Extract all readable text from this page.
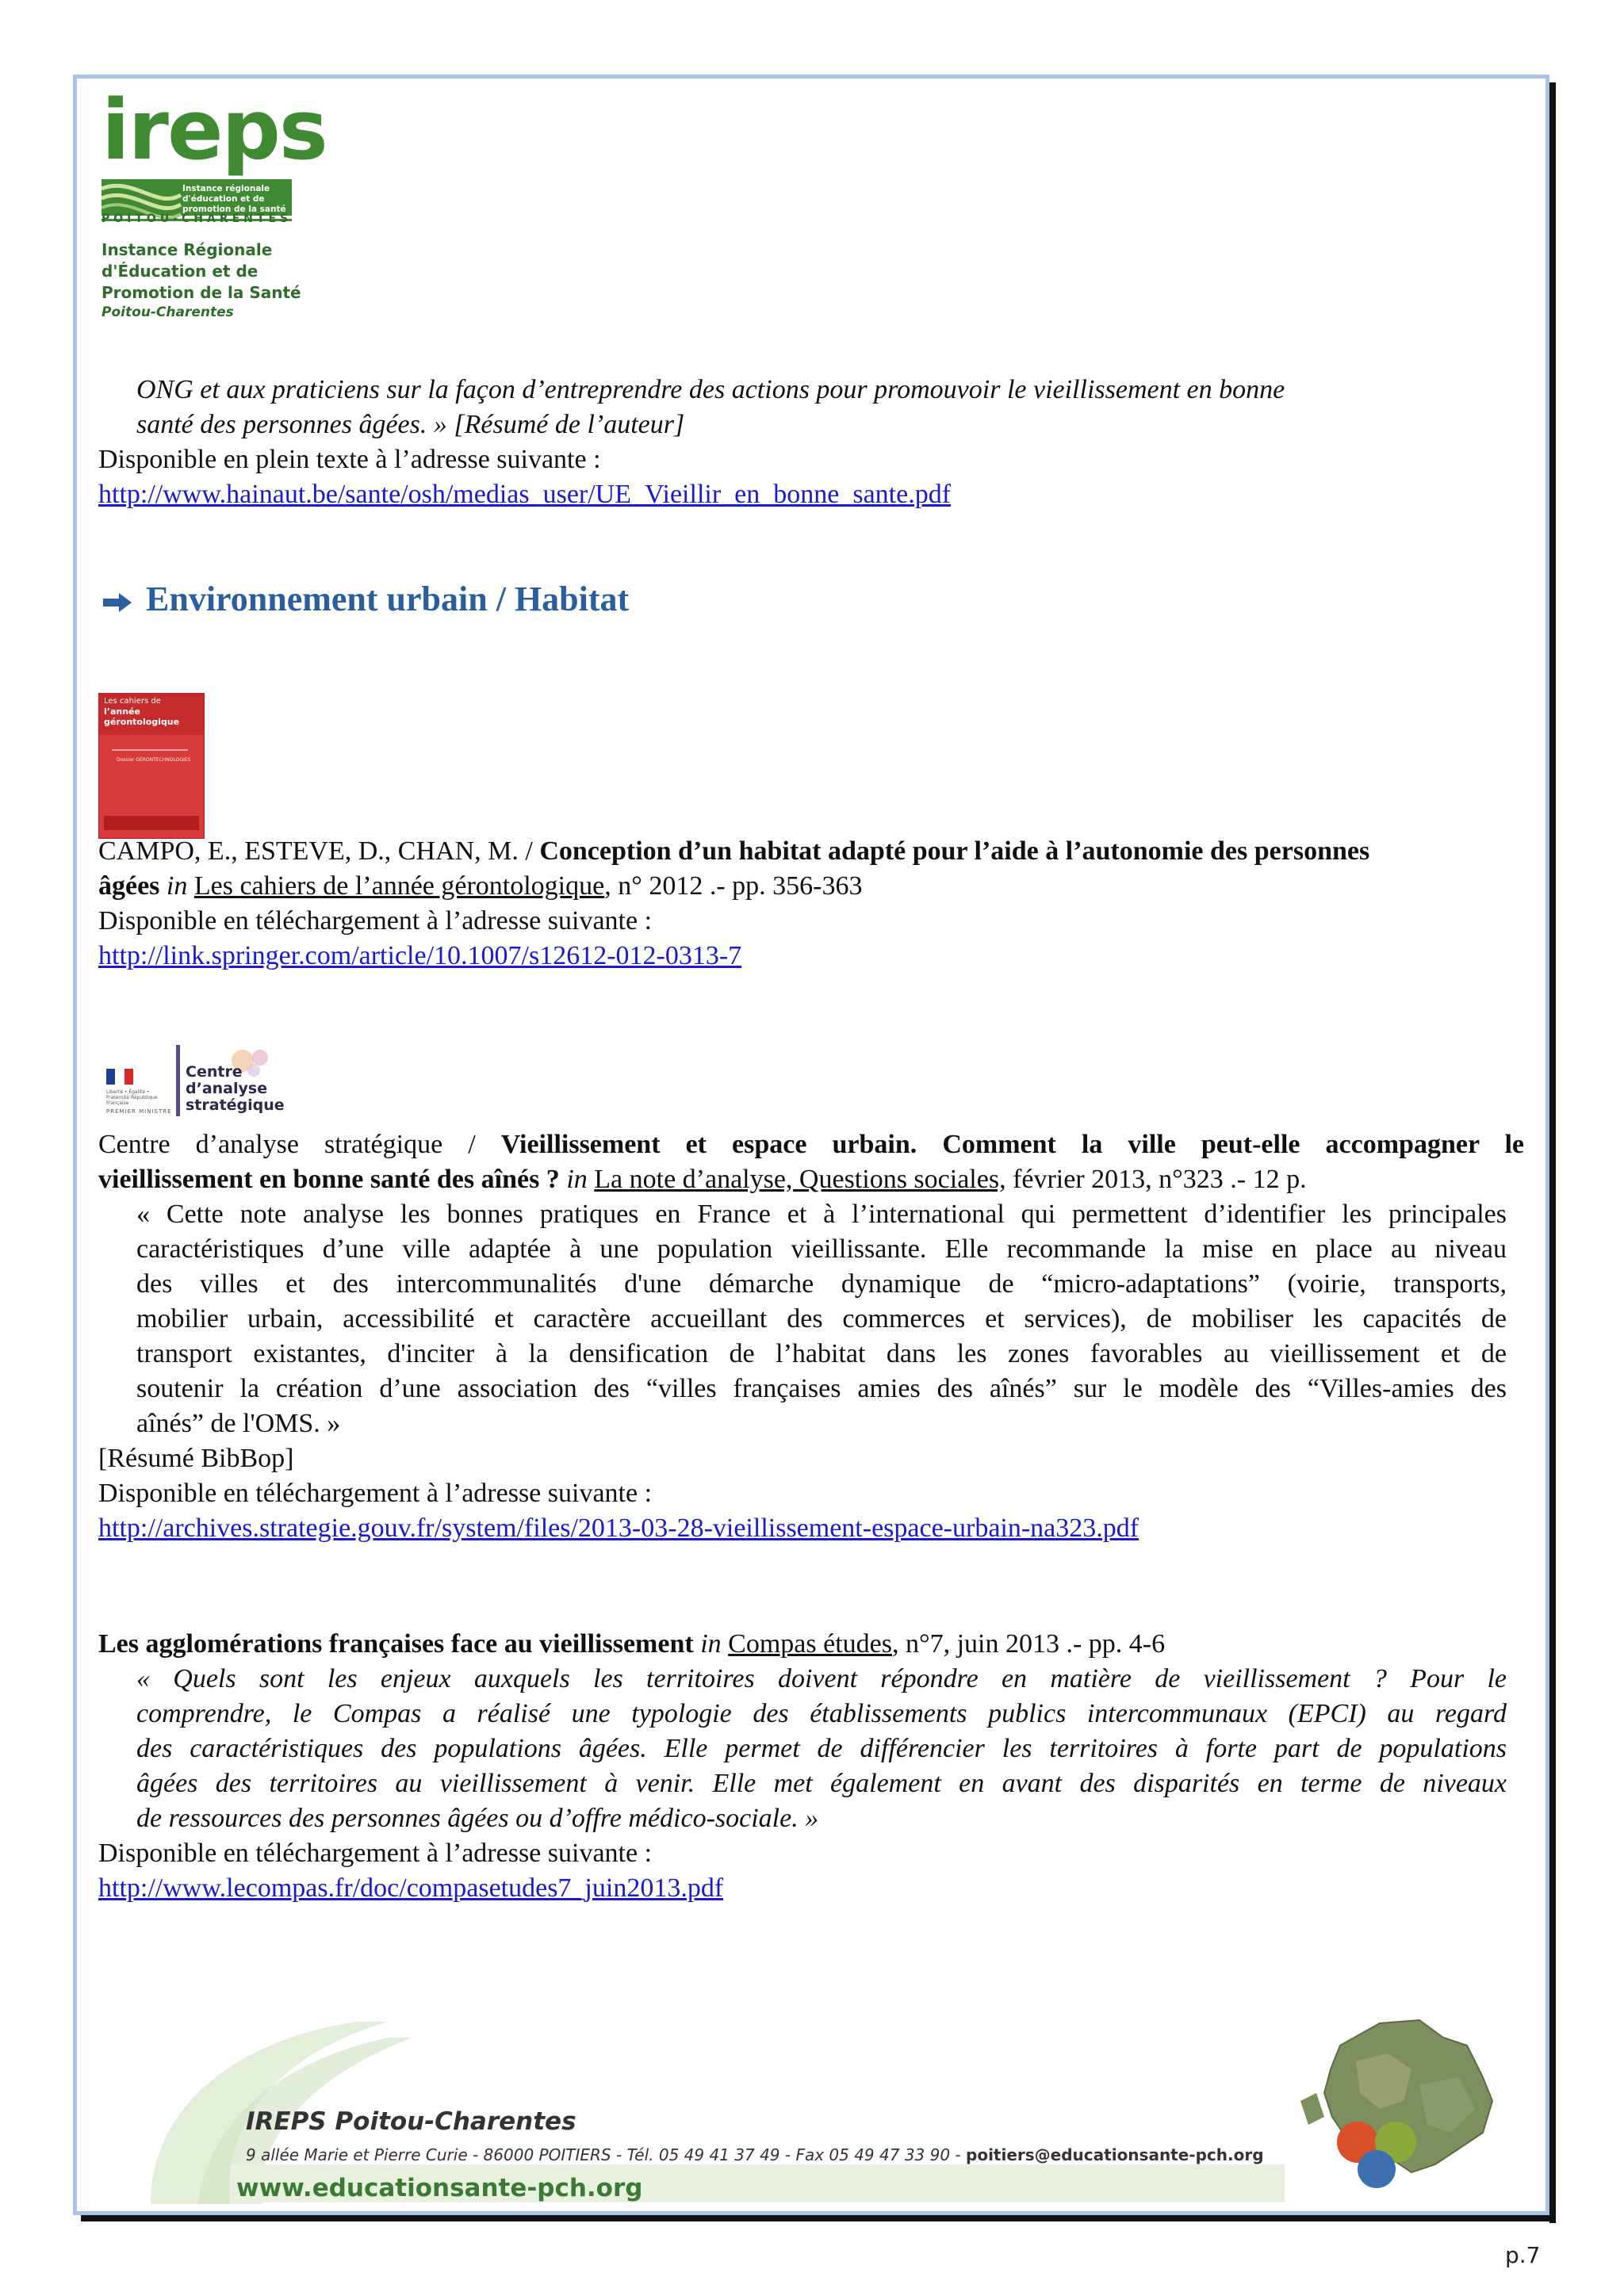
ireps
Instance régionale d'éducation et de promotion de la santé
POITOU-CHARENTES
Instance Régionale
d'Éducation et de
Promotion de la Santé
Poitou-Charentes
ONG et aux praticiens sur la façon d’entreprendre des actions pour promouvoir le vieillissement en bonne
santé des personnes âgées. » [Résumé de l’auteur]
Disponible en plein texte à l’adresse suivante :
http://www.hainaut.be/sante/osh/medias_user/UE_Vieillir_en_bonne_sante.pdf
Environnement urbain / Habitat
Les cahiers de
l’année gérontologique
Dossier GÉRONTECHNOLOGIES
CAMPO, E., ESTEVE, D., CHAN, M. / Conception d’un habitat adapté pour l’aide à l’autonomie des personnes
âgées in Les cahiers de l’année gérontologique, n° 2012 .- pp. 356-363
Disponible en téléchargement à l’adresse suivante :
http://link.springer.com/article/10.1007/s12612-012-0313-7
Liberté • Égalité • Fraternité République Française
PREMIER MINISTRE
Centre
d’analyse
stratégique
Centre d’analyse stratégique / Vieillissement et espace urbain. Comment la ville peut-elle accompagner le
vieillissement en bonne santé des aînés ? in La note d’analyse, Questions sociales, février 2013, n°323 .- 12 p.
« Cette note analyse les bonnes pratiques en France et à l’international qui permettent d’identifier les principales
caractéristiques d’une ville adaptée à une population vieillissante. Elle recommande la mise en place au niveau
des villes et des intercommunalités d'une démarche dynamique de “micro-adaptations” (voirie, transports,
mobilier urbain, accessibilité et caractère accueillant des commerces et services), de mobiliser les capacités de
transport existantes, d'inciter à la densification de l’habitat dans les zones favorables au vieillissement et de
soutenir la création d’une association des “villes françaises amies des aînés” sur le modèle des “Villes-amies des
aînés” de l'OMS. »
[Résumé BibBop]
Disponible en téléchargement à l’adresse suivante :
http://archives.strategie.gouv.fr/system/files/2013-03-28-vieillissement-espace-urbain-na323.pdf
Les agglomérations françaises face au vieillissement in Compas études, n°7, juin 2013 .- pp. 4-6
« Quels sont les enjeux auxquels les territoires doivent répondre en matière de vieillissement ? Pour le
comprendre, le Compas a réalisé une typologie des établissements publics intercommunaux (EPCI) au regard
des caractéristiques des populations âgées. Elle permet de différencier les territoires à forte part de populations
âgées des territoires au vieillissement à venir. Elle met également en avant des disparités en terme de niveaux
de ressources des personnes âgées ou d’offre médico-sociale. »
Disponible en téléchargement à l’adresse suivante :
http://www.lecompas.fr/doc/compasetudes7_juin2013.pdf
IREPS Poitou-Charentes
9 allée Marie et Pierre Curie - 86000 POITIERS - Tél. 05 49 41 37 49 - Fax 05 49 47 33 90 - poitiers@educationsante-pch.org
www.educationsante-pch.org
p.7
